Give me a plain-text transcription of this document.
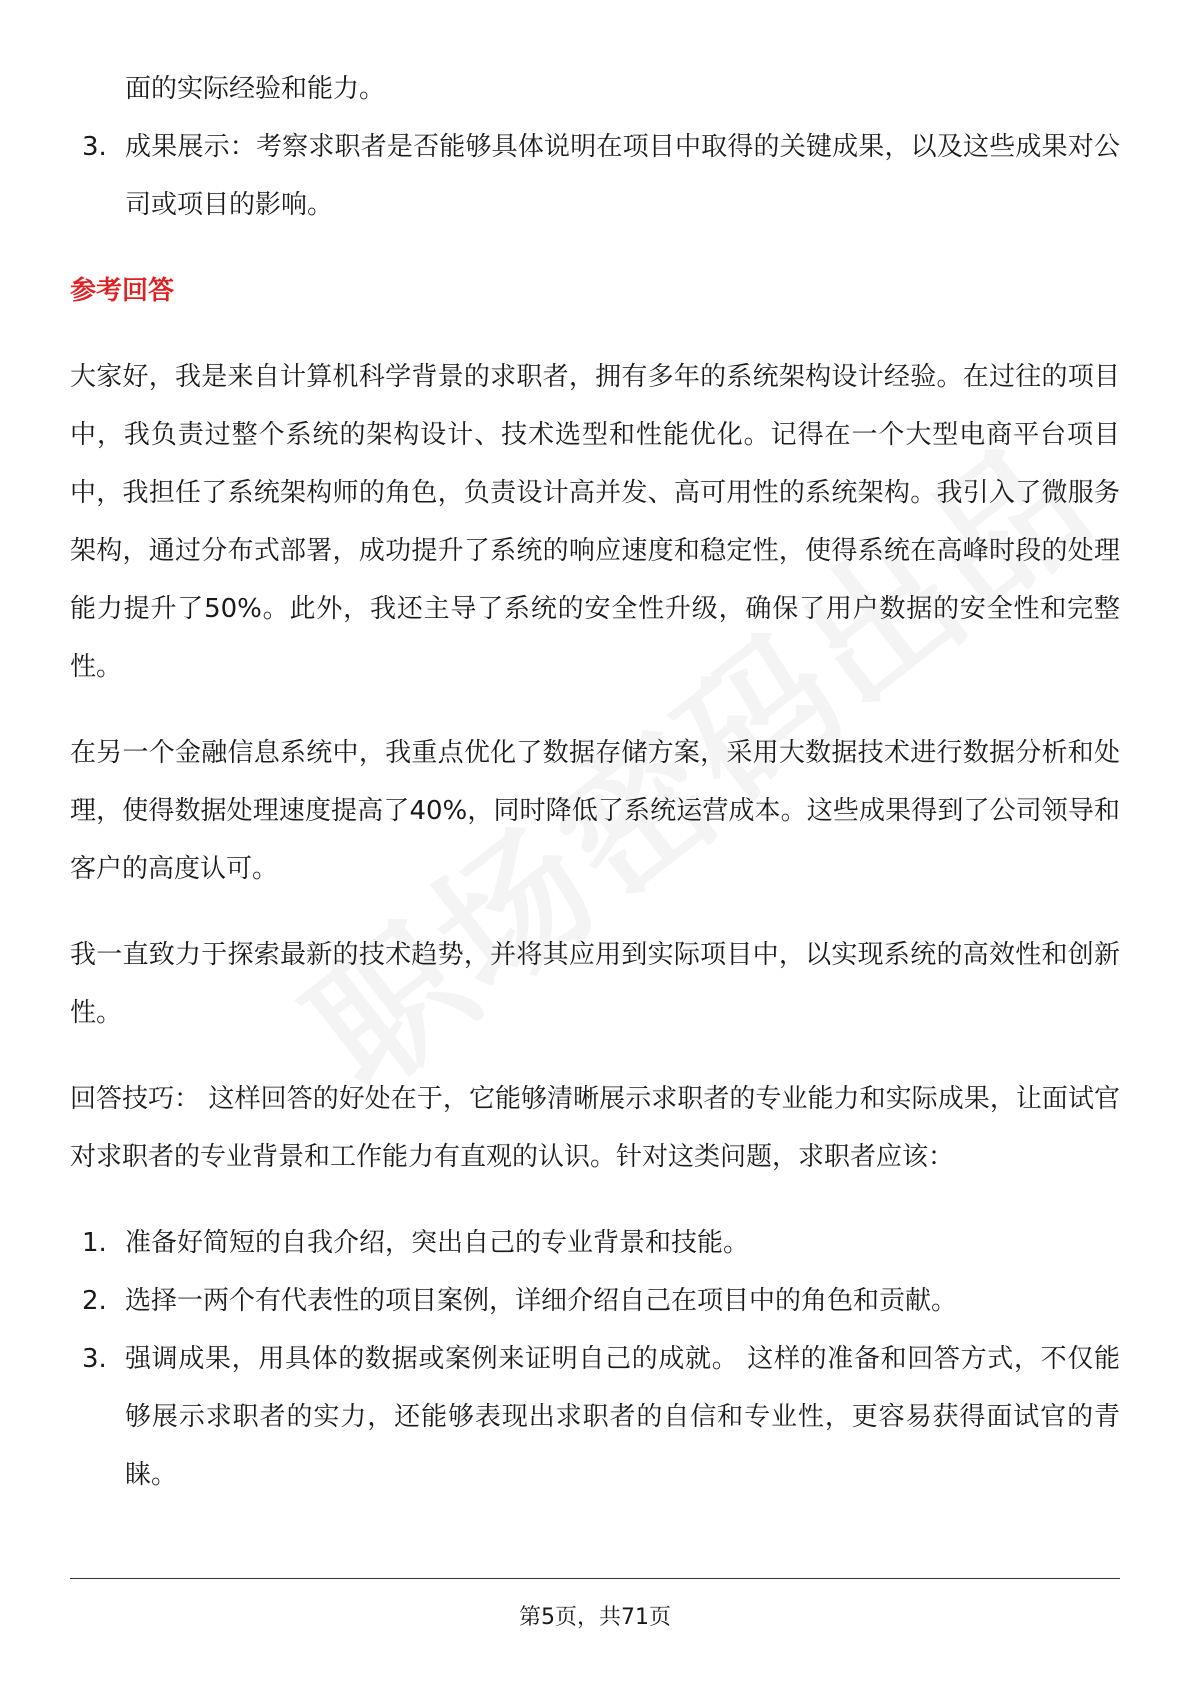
面的实际经验和能力。

3. 成果展示：考察求职者是否能够具体说明在项目中取得的关键成果，以及这些成果对公司或项目的影响。
参考回答

大家好，我是来自计算机科学背景的求职者，拥有多年的系统架构设计经验。在过往的项目中，我负责过整个系统的架构设计、技术选型和性能优化。记得在一个大型电商平台项目中，我担任了系统架构师的角色，负责设计高并发、高可用性的系统架构。我引入了微服务架构，通过分布式部署，成功提升了系统的响应速度和稳定性，使得系统在高峰时段的处理能力提升了50%。此外，我还主导了系统的安全性升级，确保了用户数据的安全性和完整性。

在另一个金融信息系统中，我重点优化了数据存储方案，采用大数据技术进行数据分析和处理，使得数据处理速度提高了40%，同时降低了系统运营成本。这些成果得到了公司领导和客户的高度认可。

我一直致力于探索最新的技术趋势，并将其应用到实际项目中，以实现系统的高效性和创新性。

回答技巧： 这样回答的好处在于，它能够清晰展示求职者的专业能力和实际成果，让面试官对求职者的专业背景和工作能力有直观的认识。针对这类问题，求职者应该：

1. 准备好简短的自我介绍，突出自己的专业背景和技能。
2. 选择一两个有代表性的项目案例，详细介绍自己在项目中的角色和贡献。
3. 强调成果，用具体的数据或案例来证明自己的成就。 这样的准备和回答方式，不仅能够展示求职者的实力，还能够表现出求职者的自信和专业性，更容易获得面试官的青睐。
第5页，共71页
